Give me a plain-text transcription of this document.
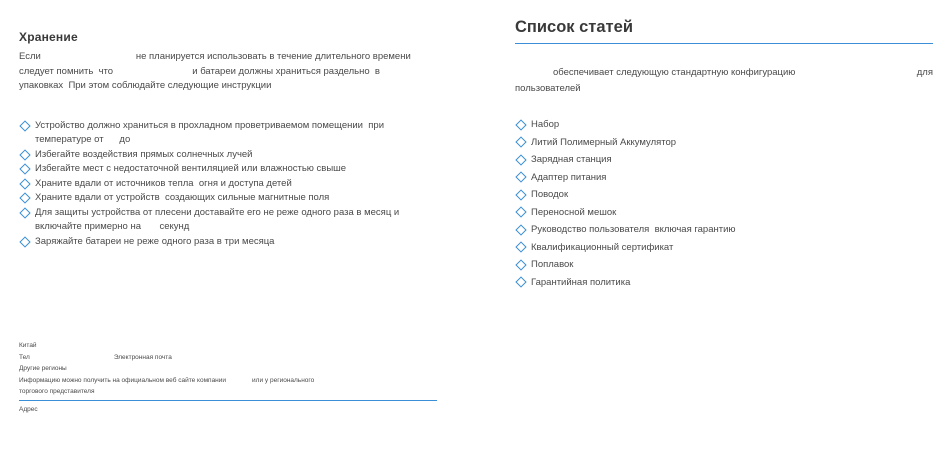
Хранение
Если                                    не планируется использовать в течение длительного времени
следует помнить  что                              и батареи должны храниться раздельно  в
упаковках  При этом соблюдайте следующие инструкции
Устройство должно храниться в прохладном проветриваемом помещении  при температуре от      до
Избегайте воздействия прямых солнечных лучей
Избегайте мест с недостаточной вентиляцией или влажностью свыше
Храните вдали от источников тепла  огня и доступа детей
Храните вдали от устройств  создающих сильные магнитные поля
Для защиты устройства от плесени доставайте его не реже одного раза в месяц и включайте примерно на       секунд
Заряжайте батареи не реже одного раза в три месяца
Китай
Тел	Электронная почта
Другие регионы
Информацию можно получить на официальном веб сайте компании	или у регионального
торгового представителя
Адрес
Список статей
обеспечивает следующую стандартную конфигурацию	для
пользователей
Набор
Литий Полимерный Аккумулятор
Зарядная станция
Адаптер питания
Поводок
Переносной мешок
Руководство пользователя  включая гарантию
Квалификационный сертификат
Поплавок
Гарантийная политика
